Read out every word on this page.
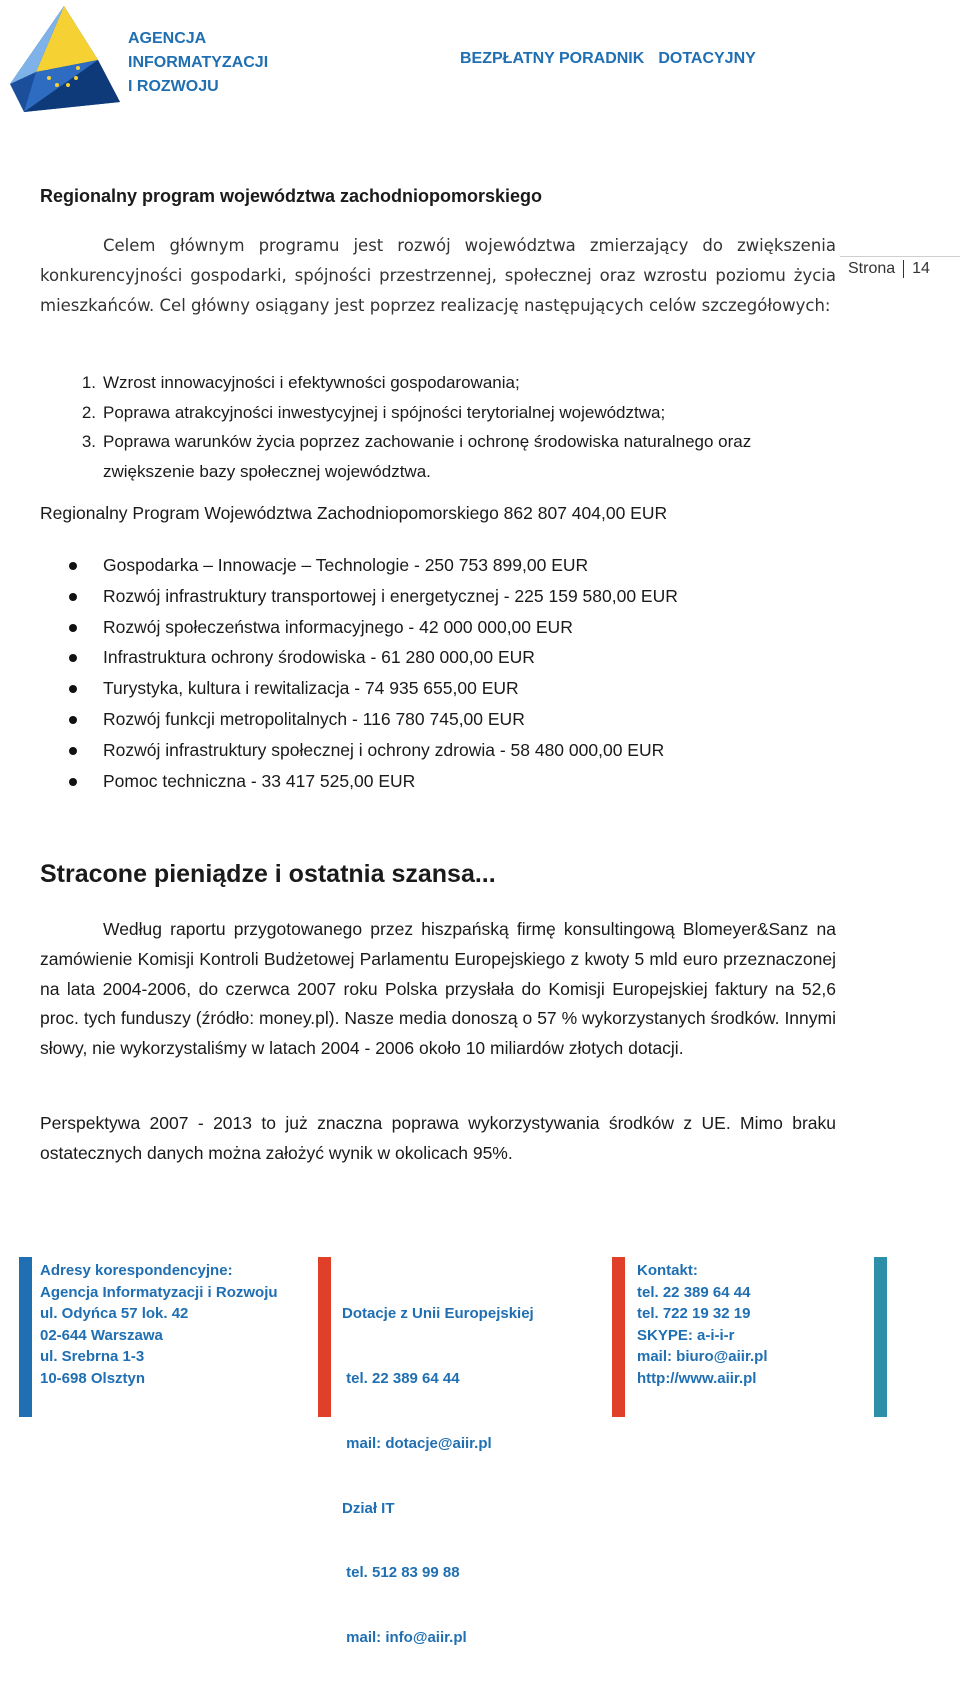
AGENCJA
INFORMATYZACJI
I ROZWOJU
BEZPŁATNY PORADNIK DOTACYJNY
Strona 14
Regionalny program województwa zachodniopomorskiego
Celem głównym programu jest rozwój województwa zmierzający do zwiększenia konkurencyjności gospodarki, spójności przestrzennej, społecznej oraz wzrostu poziomu życia mieszkańców. Cel główny osiągany jest poprzez realizację następujących celów szczegółowych:
1. Wzrost innowacyjności i efektywności gospodarowania;
2. Poprawa atrakcyjności inwestycyjnej i spójności terytorialnej województwa;
3. Poprawa warunków życia poprzez zachowanie i ochronę środowiska naturalnego oraz zwiększenie bazy społecznej województwa.
Regionalny Program Województwa Zachodniopomorskiego 862 807 404,00 EUR
Gospodarka – Innowacje – Technologie - 250 753 899,00 EUR
Rozwój infrastruktury transportowej i energetycznej - 225 159 580,00 EUR
Rozwój społeczeństwa informacyjnego - 42 000 000,00 EUR
Infrastruktura ochrony środowiska - 61 280 000,00 EUR
Turystyka, kultura i rewitalizacja - 74 935 655,00 EUR
Rozwój funkcji metropolitalnych - 116 780 745,00 EUR
Rozwój infrastruktury społecznej i ochrony zdrowia - 58 480 000,00 EUR
Pomoc techniczna - 33 417 525,00 EUR
Stracone pieniądze i ostatnia szansa...
Według raportu przygotowanego przez hiszpańską firmę konsultingową Blomeyer&Sanz na zamówienie Komisji Kontroli Budżetowej Parlamentu Europejskiego z kwoty 5 mld euro przeznaczonej na lata 2004-2006, do czerwca 2007 roku Polska przysłała do Komisji Europejskiej faktury na 52,6 proc. tych funduszy (źródło: money.pl). Nasze media donoszą o 57 % wykorzystanych środków. Innymi słowy, nie wykorzystaliśmy w latach 2004 - 2006 około 10 miliardów złotych dotacji.
Perspektywa 2007 - 2013 to już znaczna poprawa wykorzystywania środków z UE. Mimo braku ostatecznych danych można założyć wynik w okolicach 95%.
Adresy korespondencyjne:
Agencja Informatyzacji i Rozwoju
ul. Odyńca 57 lok. 42
02-644 Warszawa
ul. Srebrna 1-3
10-698 Olsztyn

Dotacje z Unii Europejskiej

tel. 22 389 64 44

mail: dotacje@aiir.pl

Dział IT

tel. 512 83 99 88

mail: info@aiir.pl

Kontakt:
tel. 22 389 64 44
tel. 722 19 32 19
SKYPE: a-i-i-r
mail: biuro@aiir.pl
http://www.aiir.pl
